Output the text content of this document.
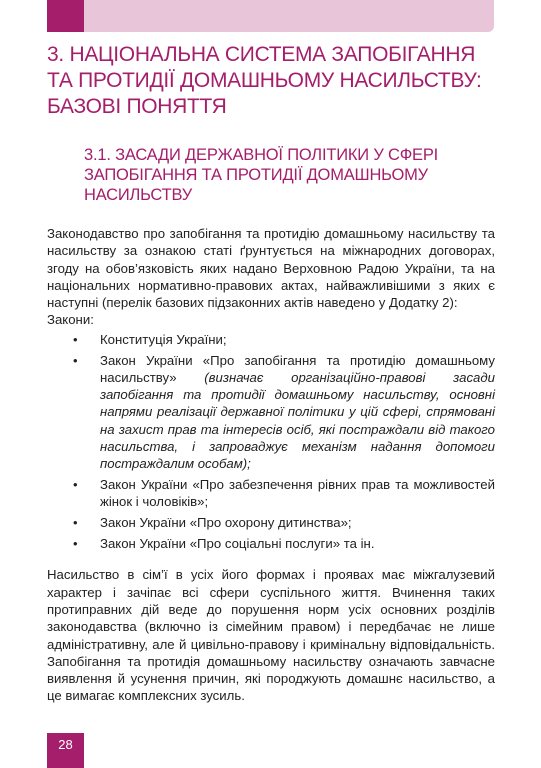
3. НАЦІОНАЛЬНА СИСТЕМА ЗАПОБІГАННЯ
ТА ПРОТИДІЇ ДОМАШНЬОМУ НАСИЛЬСТВУ:
БАЗОВІ ПОНЯТТЯ
3.1. ЗАСАДИ ДЕРЖАВНОЇ ПОЛІТИКИ У СФЕРІ
ЗАПОБІГАННЯ ТА ПРОТИДІЇ ДОМАШНЬОМУ
НАСИЛЬСТВУ
Законодавство про запобігання та протидію домашньому насильству та насильству за ознакою статі ґрунтується на міжнародних договорах, згоду на обов’язковість яких надано Верховною Радою України, та на національних нормативно-правових актах, найважливішими з яких є наступні (перелік базових підзаконних актів наведено у Додатку 2):
Закони:
• Конституція України;
• Закон України «Про запобігання та протидію домашньому насильству» (визначає організаційно-правові засади запобігання та протидії домашньому насильству, основні напрями реалізації державної політики у цій сфері, спрямовані на захист прав та інтересів осіб, які постраждали від такого насильства, і запроваджує механізм надання допомоги постраждалим особам);
• Закон України «Про забезпечення рівних прав та можливостей жінок і чоловіків»;
• Закон України «Про охорону дитинства»;
• Закон України «Про соціальні послуги» та ін.
Насильство в сім’ї в усіх його формах і проявах має міжгалузевий характер і зачіпає всі сфери суспільного життя. Вчинення таких протиправних дій веде до порушення норм усіх основних розділів законодавства (включно із сімейним правом) і передбачає не лише адміністративну, але й цивільно-правову і кримінальну відповідальність. Запобігання та протидія домашньому насильству означають завчасне виявлення й усунення причин, які породжують домашнє насильство, а це вимагає комплексних зусиль.
28
